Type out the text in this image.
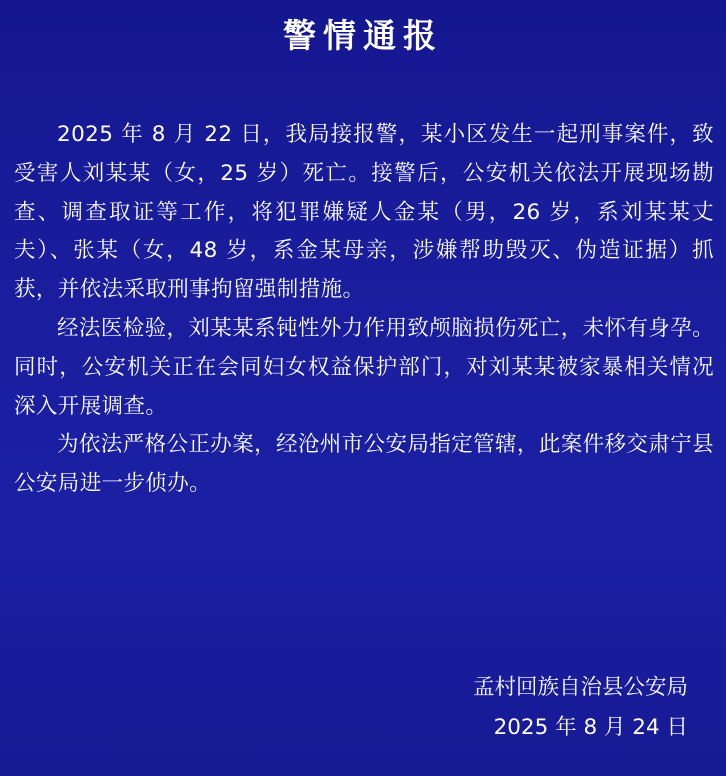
警情通报

2025 年 8 月 22 日，我局接报警，某小区发生一起刑事案件，致受害人刘某某（女，25 岁）死亡。接警后，公安机关依法开展现场勘查、调查取证等工作，将犯罪嫌疑人金某（男，26 岁，系刘某某丈夫）、张某（女，48 岁，系金某母亲，涉嫌帮助毁灭、伪造证据）抓获，并依法采取刑事拘留强制措施。

经法医检验，刘某某系钝性外力作用致颅脑损伤死亡，未怀有身孕。同时，公安机关正在会同妇女权益保护部门，对刘某某被家暴相关情况深入开展调查。

为依法严格公正办案，经沧州市公安局指定管辖，此案件移交肃宁县公安局进一步侦办。

孟村回族自治县公安局
2025 年 8 月 24 日
